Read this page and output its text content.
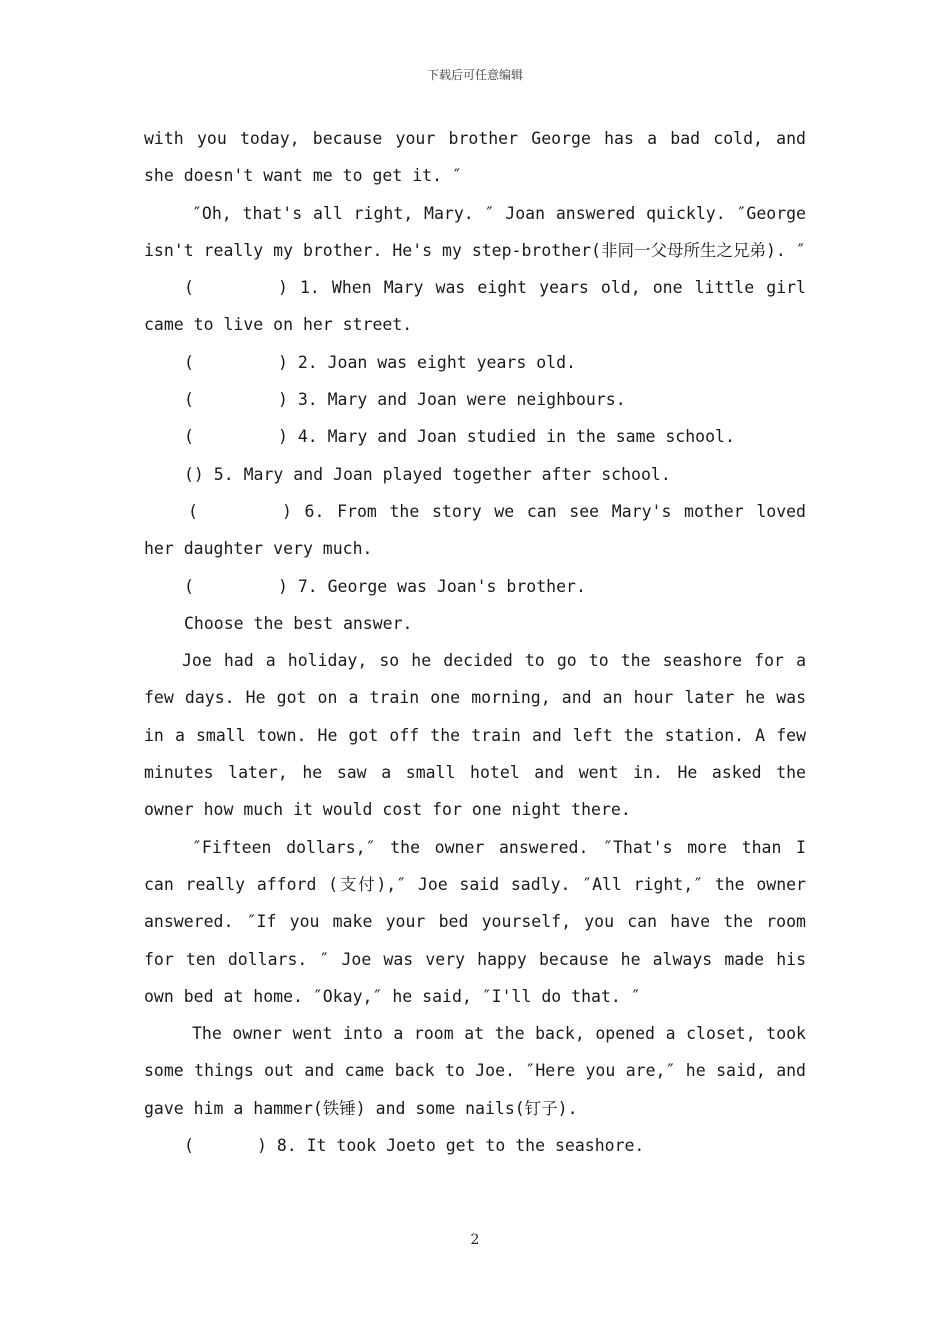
下载后可任意编辑

with you today, because your brother George has a bad cold, and she doesn't want me to get it. ″

″Oh, that's all right, Mary. ″ Joan answered quickly. ″George isn't really my brother. He's my step-brother(非同一父母所生之兄弟). ″

(	) 1. When Mary was eight years old, one little girl came to live on her street.

(	) 2. Joan was eight years old.

(	) 3. Mary and Joan were neighbours.

(	) 4. Mary and Joan studied in the same school.

() 5. Mary and Joan played together after school.

(	) 6. From the story we can see Mary's mother loved her daughter very much.

(	) 7. George was Joan's brother.

Choose the best answer.

Joe had a holiday, so he decided to go to the seashore for a few days. He got on a train one morning, and an hour later he was in a small town. He got off the train and left the station. A few minutes later, he saw a small hotel and went in. He asked the owner how much it would cost for one night there.

″Fifteen dollars,″ the owner answered. ″That's more than I can really afford (支付),″ Joe said sadly. ″All right,″ the owner answered. ″If you make your bed yourself, you can have the room for ten dollars. ″ Joe was very happy because he always made his own bed at home. ″Okay,″ he said, ″I'll do that. ″

The owner went into a room at the back, opened a closet, took some things out and came back to Joe. ″Here you are,″ he said, and gave him a hammer(铁锤) and some nails(钉子).

(	) 8. It took Joeto get to the seashore.

2
